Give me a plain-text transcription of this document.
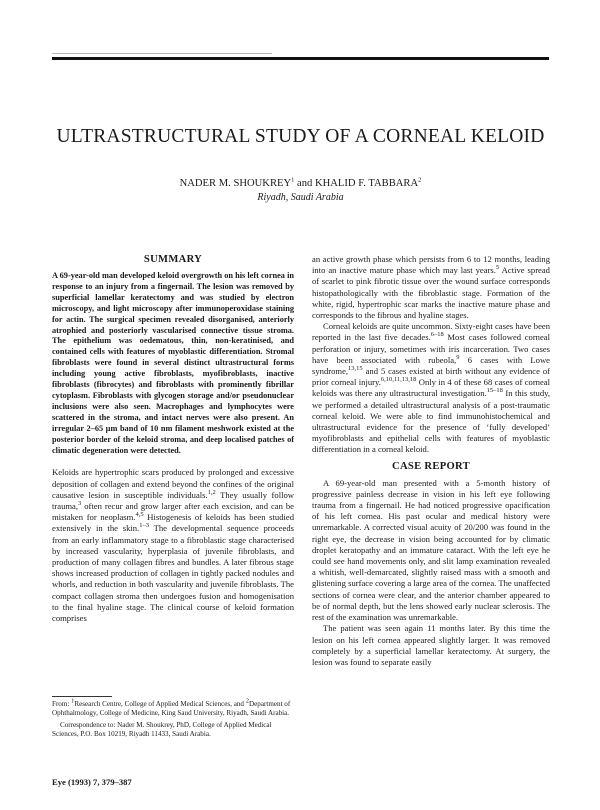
ULTRASTRUCTURAL STUDY OF A CORNEAL KELOID
NADER M. SHOUKREY$^1$ and KHALID F. TABBARA$^2$
Riyadh, Saudi Arabia
SUMMARY

A 69-year-old man developed keloid overgrowth on his left cornea in response to an injury from a fingernail. The lesion was removed by superficial lamellar keratectomy and was studied by electron microscopy, and light microscopy after immunoperoxidase staining for actin. The surgical specimen revealed disorganised, anteriorly atrophied and posteriorly vascularised connective tissue stroma. The epithelium was oedematous, thin, non-keratinised, and contained cells with features of myoblastic differentiation. Stromal fibroblasts were found in several distinct ultrastructural forms including young active fibroblasts, myofibroblasts, inactive fibroblasts (fibrocytes) and fibroblasts with prominently fibrillar cytoplasm. Fibroblasts with glycogen storage and/or pseudonuclear inclusions were also seen. Macrophages and lymphocytes were scattered in the stroma, and intact nerves were also present. An irregular 2–65 µm band of 10 nm filament meshwork existed at the posterior border of the keloid stroma, and deep localised patches of climatic degeneration were detected.

Keloids are hypertrophic scars produced by prolonged and excessive deposition of collagen and extend beyond the confines of the original causative lesion in susceptible individuals.$^{1,2}$ They usually follow trauma,$^3$ often recur and grow larger after each excision, and can be mistaken for neoplasm.$^{4,5}$ Histogenesis of keloids has been studied extensively in the skin.$^{1-3}$ The developmental sequence proceeds from an early inflammatory stage to a fibroblastic stage characterised by increased vascularity, hyperplasia of juvenile fibroblasts, and production of many collagen fibres and bundles. A later fibrous stage shows increased production of collagen in tightly packed nodules and whorls, and reduction in both vascularity and juvenile fibroblasts. The compact collagen stroma then undergoes fusion and homogenisation to the final hyaline stage. The clinical course of keloid formation comprises

From: $^1$Research Centre, College of Applied Medical Sciences, and $^2$Department of Ophthalmology, College of Medicine, King Saud University, Riyadh, Saudi Arabia.

Correspondence to: Nader M. Shoukrey, PhD, College of Applied Medical Sciences, P.O. Box 10219, Riyadh 11433, Saudi Arabia.

Eye (1993) 7, 379–387

an active growth phase which persists from 6 to 12 months, leading into an inactive mature phase which may last years.$^5$ Active spread of scarlet to pink fibrotic tissue over the wound surface corresponds histopathologically with the fibroblastic stage. Formation of the white, rigid, hypertrophic scar marks the inactive mature phase and corresponds to the fibrous and hyaline stages.

Corneal keloids are quite uncommon. Sixty-eight cases have been reported in the last five decades.$^{6-18}$ Most cases followed corneal perforation or injury, sometimes with iris incarceration. Two cases have been associated with rubeola,$^9$ 6 cases with Lowe syndrome,$^{13,15}$ and 5 cases existed at birth without any evidence of prior corneal injury.$^{6,10,11,13,18}$ Only in 4 of these 68 cases of corneal keloids was there any ultrastructural investigation.$^{15-18}$ In this study, we performed a detailed ultrastructural analysis of a post-traumatic corneal keloid. We were able to find immunohistochemical and ultrastructural evidence for the presence of ‘fully developed’ myofibroblasts and epithelial cells with features of myoblastic differentiation in a corneal keloid.

CASE REPORT

A 69-year-old man presented with a 5-month history of progressive painless decrease in vision in his left eye following trauma from a fingernail. He had noticed progressive opacification of his left cornea. His past ocular and medical history were unremarkable. A corrected visual acuity of 20/200 was found in the right eye, the decrease in vision being accounted for by climatic droplet keratopathy and an immature cataract. With the left eye he could see hand movements only, and slit lamp examination revealed a whitish, well-demarcated, slightly raised mass with a smooth and glistening surface covering a large area of the cornea. The unaffected sections of cornea were clear, and the anterior chamber appeared to be of normal depth, but the lens showed early nuclear sclerosis. The rest of the examination was unremarkable.

The patient was seen again 11 months later. By this time the lesion on his left cornea appeared slightly larger. It was removed completely by a superficial lamellar keratectomy. At surgery, the lesion was found to separate easily
